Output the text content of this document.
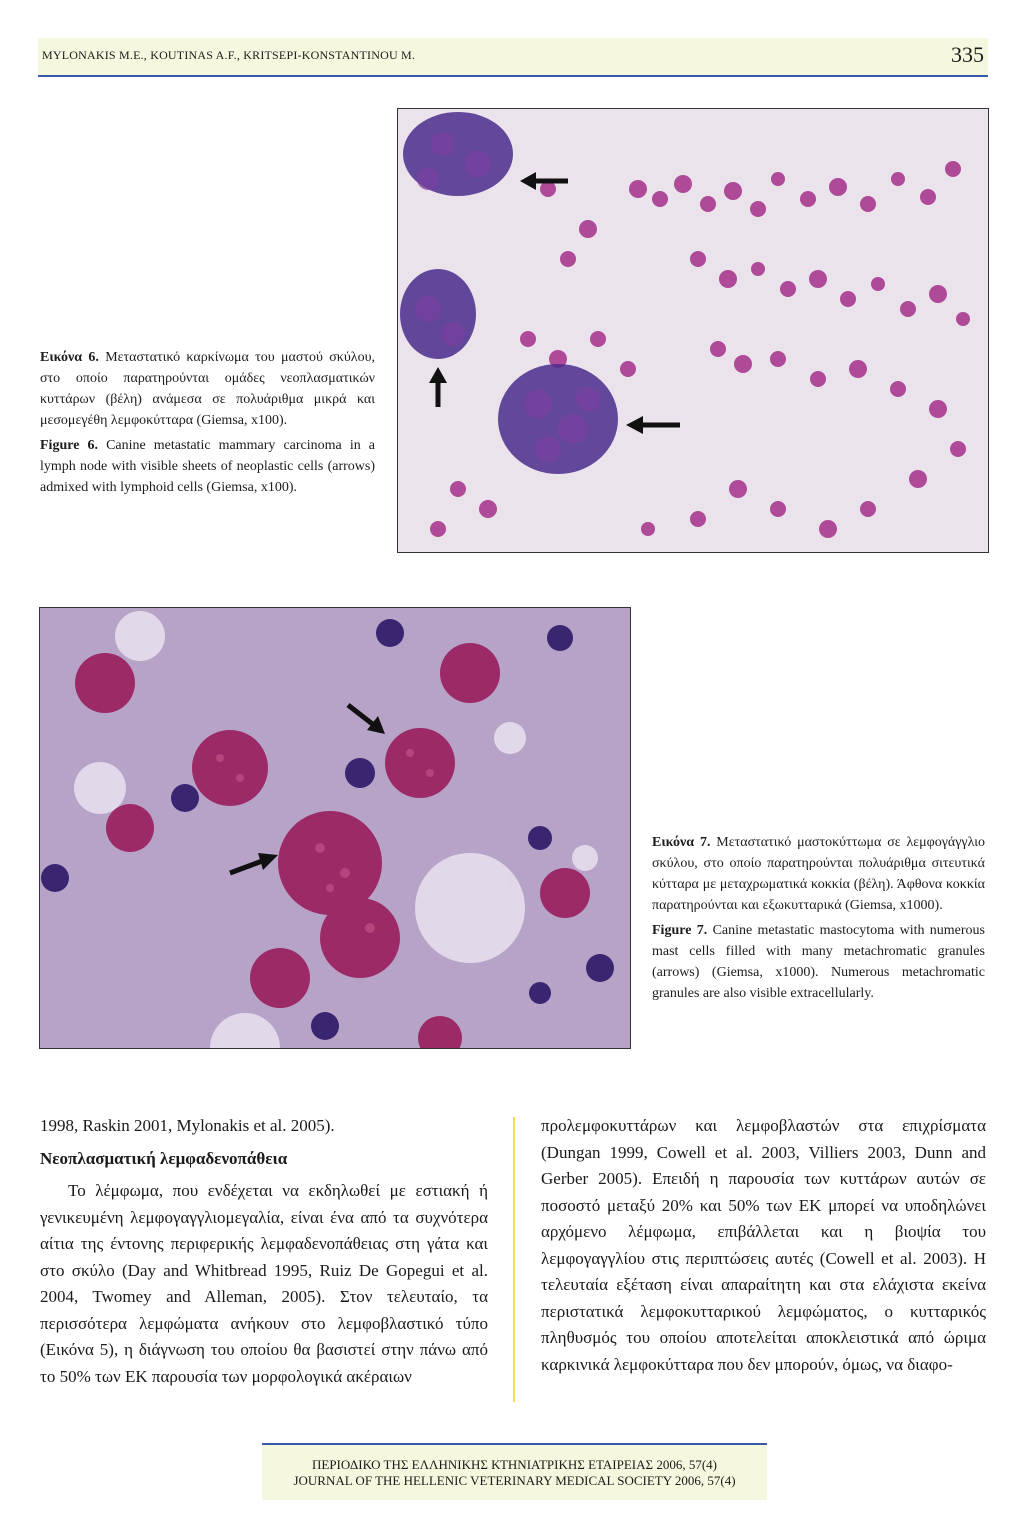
MYLONAKIS M.E., KOUTINAS A.F., KRITSEPI-KONSTANTINOU M.	335

Εικόνα 6. Μεταστατικό καρκίνωμα του μαστού σκύλου, στο οποίο παρατηρούνται ομάδες νεοπλασματικών κυττάρων (βέλη) ανάμεσα σε πολυάριθμα μικρά και μεσομεγέθη λεμφοκύτταρα (Giemsa, x100).

Figure 6. Canine metastatic mammary carcinoma in a lymph node with visible sheets of neoplastic cells (arrows) admixed with lymphoid cells (Giemsa, x100).

Εικόνα 7. Μεταστατικό μαστοκύττωμα σε λεμφογάγγλιο σκύλου, στο οποίο παρατηρούνται πολυάριθμα σιτευτικά κύτταρα με μεταχρωματικά κοκκία (βέλη). Άφθονα κοκκία παρατηρούνται και εξωκυτταρικά (Giemsa, x1000).

Figure 7. Canine metastatic mastocytoma with numerous mast cells filled with many metachromatic granules (arrows) (Giemsa, x1000). Numerous metachromatic granules are also visible extracellularly.

1998, Raskin 2001, Mylonakis et al. 2005).

Νεοπλασματική λεμφαδενοπάθεια

Το λέμφωμα, που ενδέχεται να εκδηλωθεί με εστιακή ή γενικευμένη λεμφογαγγλιομεγαλία, είναι ένα από τα συχνότερα αίτια της έντονης περιφερικής λεμφαδενοπάθειας στη γάτα και στο σκύλο (Day and Whitbread 1995, Ruiz De Gopegui et al. 2004, Twomey and Alleman, 2005). Στον τελευταίο, τα περισσότερα λεμφώματα ανήκουν στο λεμφοβλαστικό τύπο (Εικόνα 5), η διάγνωση του οποίου θα βασιστεί στην πάνω από το 50% των ΕΚ παρουσία των μορφολογικά ακέραιων

προλεμφοκυττάρων και λεμφοβλαστών στα επιχρίσματα (Dungan 1999, Cowell et al. 2003, Villiers 2003, Dunn and Gerber 2005). Επειδή η παρουσία των κυττάρων αυτών σε ποσοστό μεταξύ 20% και 50% των ΕΚ μπορεί να υποδηλώνει αρχόμενο λέμφωμα, επιβάλλεται και η βιοψία του λεμφογαγγλίου στις περιπτώσεις αυτές (Cowell et al. 2003). Η τελευταία εξέταση είναι απαραίτητη και στα ελάχιστα εκείνα περιστατικά λεμφοκυτταρικού λεμφώματος, ο κυτταρικός πληθυσμός του οποίου αποτελείται αποκλειστικά από ώριμα καρκινικά λεμφοκύτταρα που δεν μπορούν, όμως, να διαφο-

ΠΕΡΙΟΔΙΚΟ ΤΗΣ ΕΛΛΗΝΙΚΗΣ ΚΤΗΝΙΑΤΡΙΚΗΣ ΕΤΑΙΡΕΙΑΣ 2006, 57(4)
JOURNAL OF THE HELLENIC VETERINARY MEDICAL SOCIETY 2006, 57(4)
